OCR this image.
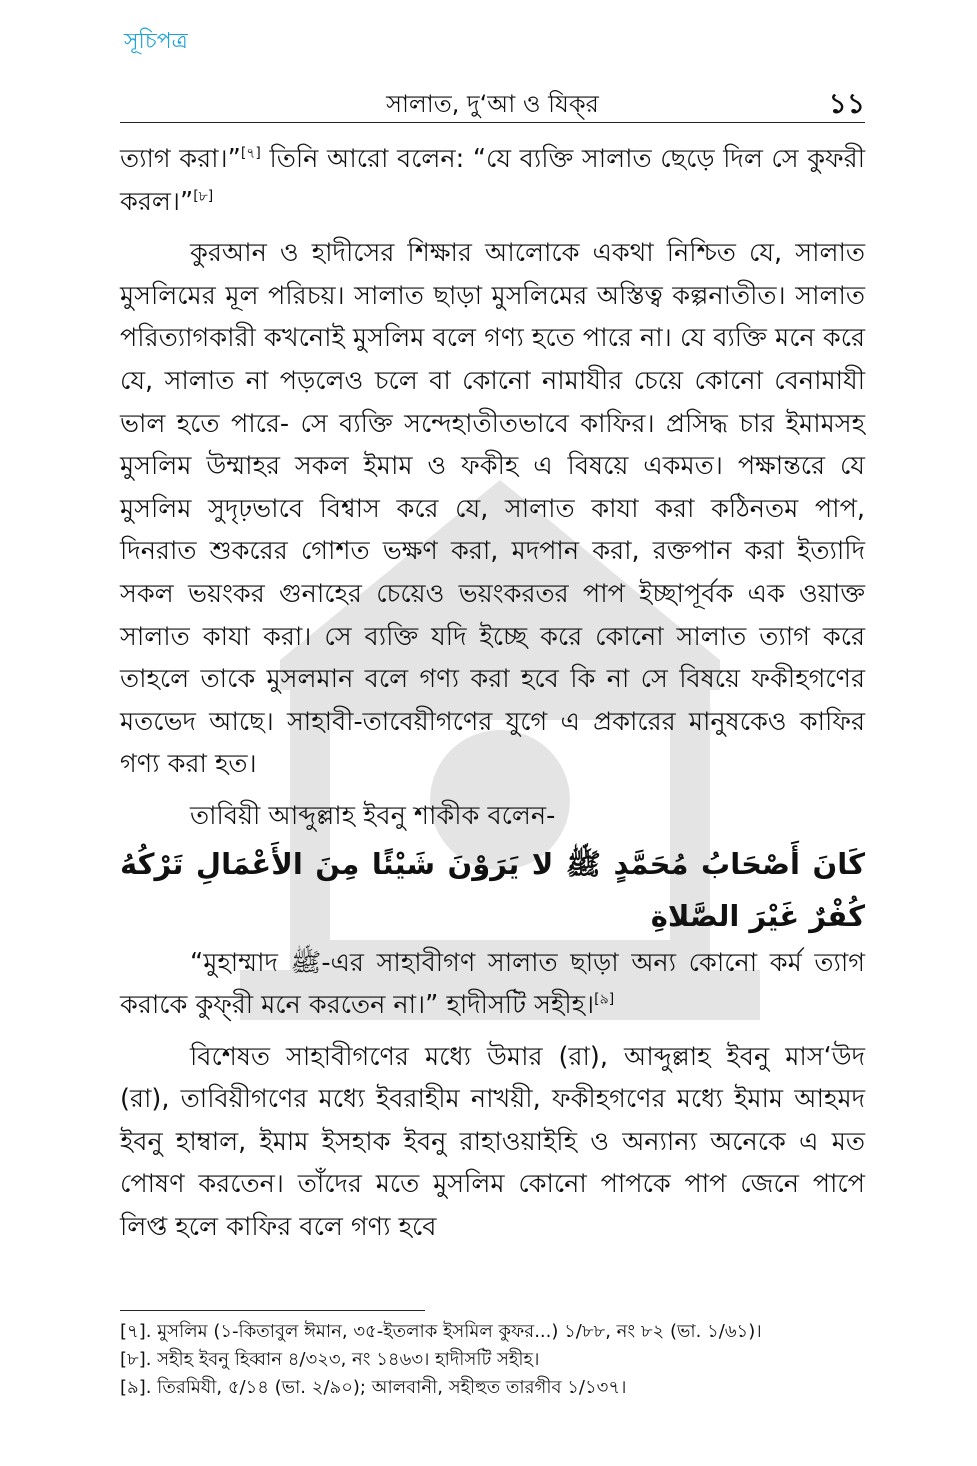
সূচিপত্র
সালাত, দু‘আ ও যিক্‌র	১১

ত্যাগ করা।”[৭] তিনি আরো বলেন: “যে ব্যক্তি সালাত ছেড়ে দিল সে কুফরী করল।”[৮]

কুরআন ও হাদীসের শিক্ষার আলোকে একথা নিশ্চিত যে, সালাত মুসলিমের মূল পরিচয়। সালাত ছাড়া মুসলিমের অস্তিত্ব কল্পনাতীত। সালাত পরিত্যাগকারী কখনোই মুসলিম বলে গণ্য হতে পারে না। যে ব্যক্তি মনে করে যে, সালাত না পড়লেও চলে বা কোনো নামাযীর চেয়ে কোনো বেনামাযী ভাল হতে পারে- সে ব্যক্তি সন্দেহাতীতভাবে কাফির। প্রসিদ্ধ চার ইমামসহ মুসলিম উম্মাহর সকল ইমাম ও ফকীহ এ বিষয়ে একমত। পক্ষান্তরে যে মুসলিম সুদৃঢ়ভাবে বিশ্বাস করে যে, সালাত কাযা করা কঠিনতম পাপ, দিনরাত শুকরের গোশত ভক্ষণ করা, মদপান করা, রক্তপান করা ইত্যাদি সকল ভয়ংকর গুনাহের চেয়েও ভয়ংকরতর পাপ ইচ্ছাপূর্বক এক ওয়াক্ত সালাত কাযা করা। সে ব্যক্তি যদি ইচ্ছে করে কোনো সালাত ত্যাগ করে তাহলে তাকে মুসলমান বলে গণ্য করা হবে কি না সে বিষয়ে ফকীহগণের মতভেদ আছে। সাহাবী-তাবেয়ীগণের যুগে এ প্রকারের মানুষকেও কাফির গণ্য করা হত।

তাবিয়ী আব্দুল্লাহ ইবনু শাকীক বলেন-

كَانَ أَصْحَابُ مُحَمَّدٍ ﷺ لا يَرَوْنَ شَيْئًا مِنَ الأَعْمَالِ تَرْكُهُ كُفْرٌ غَيْرَ الصَّلاةِ

“মুহাম্মাদ ﷺ-এর সাহাবীগণ সালাত ছাড়া অন্য কোনো কর্ম ত্যাগ করাকে কুফ্‌রী মনে করতেন না।” হাদীসটি সহীহ।[৯]

বিশেষত সাহাবীগণের মধ্যে উমার (রা), আব্দুল্লাহ ইবনু মাস‘উদ (রা), তাবিয়ীগণের মধ্যে ইবরাহীম নাখয়ী, ফকীহগণের মধ্যে ইমাম আহমদ ইবনু হাম্বাল, ইমাম ইসহাক ইবনু রাহাওয়াইহি ও অন্যান্য অনেকে এ মত পোষণ করতেন। তাঁদের মতে মুসলিম কোনো পাপকে পাপ জেনে পাপে লিপ্ত হলে কাফির বলে গণ্য হবে

[৭]. মুসলিম (১-কিতাবুল ঈমান, ৩৫-ইতলাক ইসমিল কুফর...) ১/৮৮, নং ৮২ (ভা. ১/৬১)।

[৮]. সহীহ ইবনু হিব্বান ৪/৩২৩, নং ১৪৬৩। হাদীসটি সহীহ।

[৯]. তিরমিযী, ৫/১৪ (ভা. ২/৯০); আলবানী, সহীহুত তারগীব ১/১৩৭।
